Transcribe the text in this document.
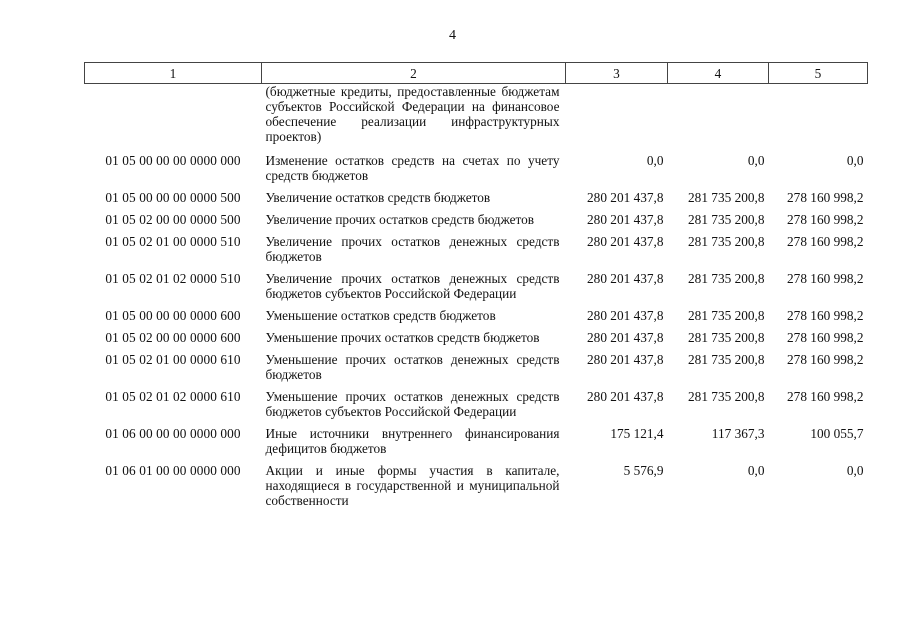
4
1	2	3	4	5
	(бюджетные кредиты, предоставленные бюджетам субъектов Российской Федерации на финансовое обеспечение реализации инфраструктурных проектов)			
01 05 00 00 00 0000 000	Изменение остатков средств на счетах по учету средств бюджетов	0,0	0,0	0,0
01 05 00 00 00 0000 500	Увеличение остатков средств бюджетов	280 201 437,8	281 735 200,8	278 160 998,2
01 05 02 00 00 0000 500	Увеличение прочих остатков средств бюджетов	280 201 437,8	281 735 200,8	278 160 998,2
01 05 02 01 00 0000 510	Увеличение прочих остатков денежных средств бюджетов	280 201 437,8	281 735 200,8	278 160 998,2
01 05 02 01 02 0000 510	Увеличение прочих остатков денежных средств бюджетов субъектов Российской Федерации	280 201 437,8	281 735 200,8	278 160 998,2
01 05 00 00 00 0000 600	Уменьшение остатков средств бюджетов	280 201 437,8	281 735 200,8	278 160 998,2
01 05 02 00 00 0000 600	Уменьшение прочих остатков средств бюджетов	280 201 437,8	281 735 200,8	278 160 998,2
01 05 02 01 00 0000 610	Уменьшение прочих остатков денежных средств бюджетов	280 201 437,8	281 735 200,8	278 160 998,2
01 05 02 01 02 0000 610	Уменьшение прочих остатков денежных средств бюджетов субъектов Российской Федерации	280 201 437,8	281 735 200,8	278 160 998,2
01 06 00 00 00 0000 000	Иные источники внутреннего финансирования дефицитов бюджетов	175 121,4	117 367,3	100 055,7
01 06 01 00 00 0000 000	Акции и иные формы участия в капитале, находящиеся в государственной и муниципальной собственности	5 576,9	0,0	0,0
